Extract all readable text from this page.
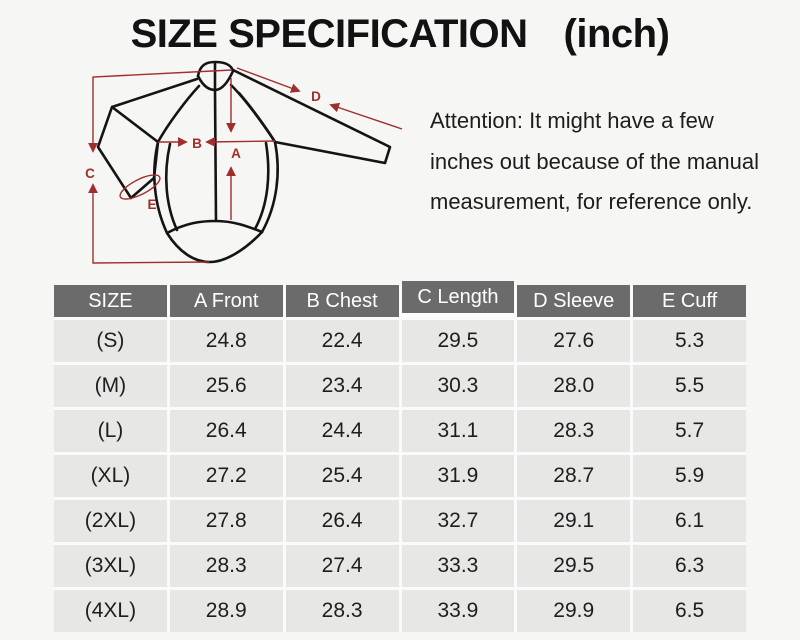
SIZE SPECIFICATION (inch)
Attention: It might have a few
inches out because of the manual
measurement, for reference only.
A
B
C
D
E
SIZE	A Front	B Chest	C Length	D Sleeve	E Cuff
(S)	24.8	22.4	29.5	27.6	5.3
(M)	25.6	23.4	30.3	28.0	5.5
(L)	26.4	24.4	31.1	28.3	5.7
(XL)	27.2	25.4	31.9	28.7	5.9
(2XL)	27.8	26.4	32.7	29.1	6.1
(3XL)	28.3	27.4	33.3	29.5	6.3
(4XL)	28.9	28.3	33.9	29.9	6.5
